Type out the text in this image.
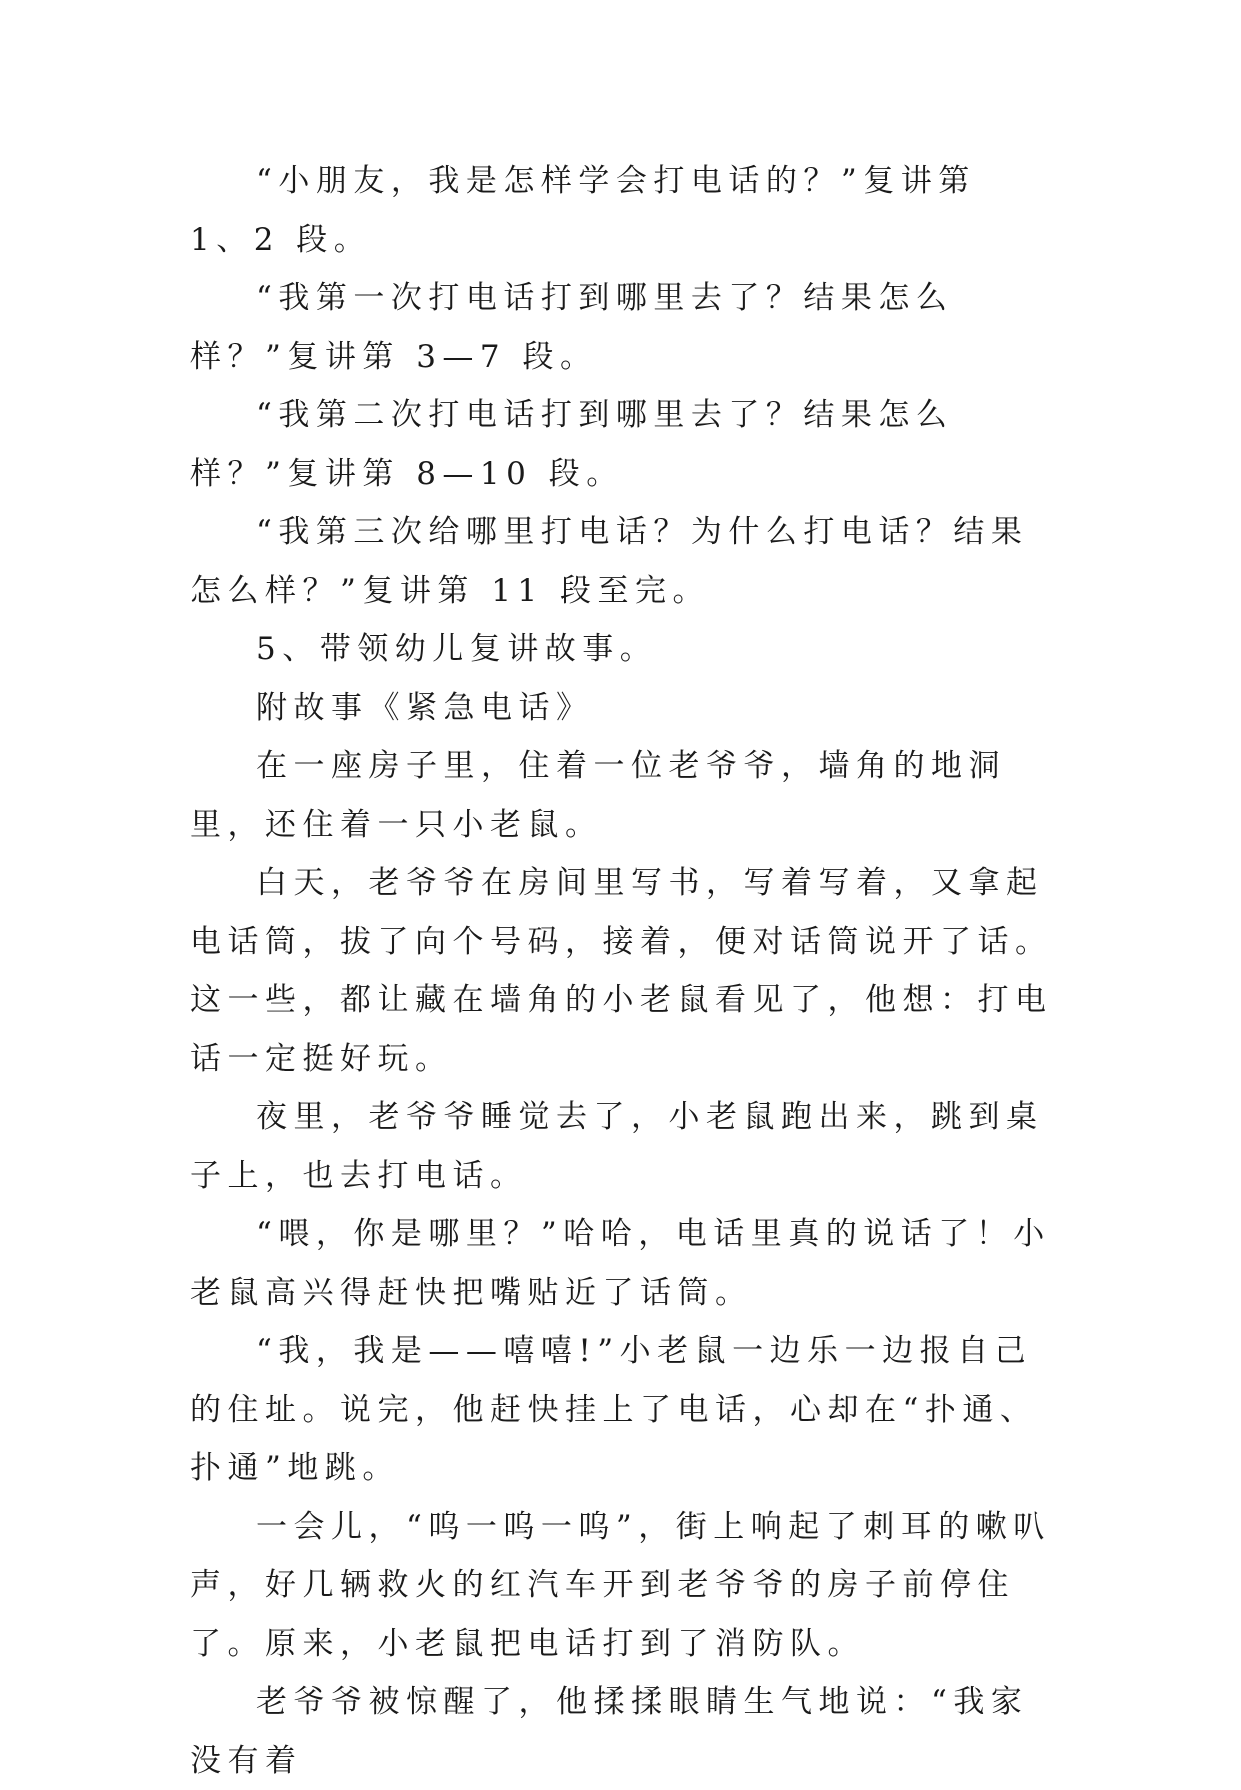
“小朋友，我是怎样学会打电话的？”复讲第 1、2 段。

“我第一次打电话打到哪里去了？结果怎么样？”复讲第 3—7 段。

“我第二次打电话打到哪里去了？结果怎么样？”复讲第 8—10 段。

“我第三次给哪里打电话？为什么打电话？结果怎么样？”复讲第 11 段至完。

5、带领幼儿复讲故事。

附故事《紧急电话》

在一座房子里，住着一位老爷爷，墙角的地洞里，还住着一只小老鼠。

白天，老爷爷在房间里写书，写着写着，又拿起电话筒，拔了向个号码，接着，便对话筒说开了话。这一些，都让藏在墙角的小老鼠看见了，他想：打电话一定挺好玩。

夜里，老爷爷睡觉去了，小老鼠跑出来，跳到桌子上，也去打电话。

“喂，你是哪里？”哈哈，电话里真的说话了！小老鼠高兴得赶快把嘴贴近了话筒。

“我，我是——嘻嘻!”小老鼠一边乐一边报自己的住址。说完，他赶快挂上了电话，心却在“扑通、扑通”地跳。

一会儿，“呜一呜一呜”，街上响起了刺耳的嗽叭声，好几辆救火的红汽车开到老爷爷的房子前停住了。原来，小老鼠把电话打到了消防队。

老爷爷被惊醒了，他揉揉眼睛生气地说：“我家没有着
